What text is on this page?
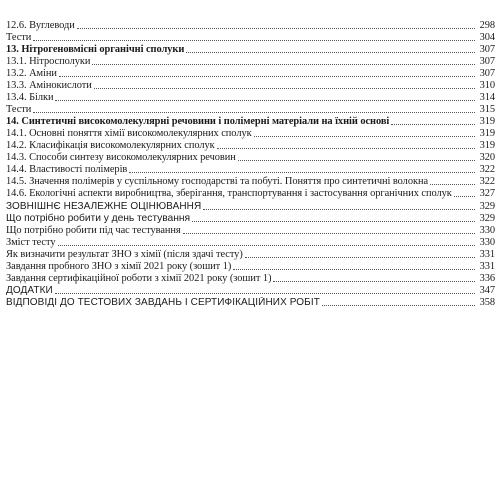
12.6. Вуглеводи	298
Тести	304
13. Нітрогеновмісні органічні сполуки	307
13.1. Нітросполуки	307
13.2. Аміни	307
13.3. Амінокислоти	310
13.4. Білки	314
Тести	315
14. Синтетичні високомолекулярні речовини і полімерні матеріали на їхній основі	319
14.1. Основні поняття хімії високомолекулярних сполук	319
14.2. Класифікація високомолекулярних сполук	319
14.3. Способи синтезу високомолекулярних речовин	320
14.4. Властивості полімерів	322
14.5. Значення полімерів у суспільному господарстві та побуті. Поняття про синтетичні волокна	322
14.6. Екологічні аспекти виробництва, зберігання, транспортування і застосування органічних сполук	327
ЗОВНІШНЄ НЕЗАЛЕЖНЕ ОЦІНЮВАННЯ	329
Що потрібно робити у день тестування	329
Що потрібно робити під час тестування	330
Зміст тесту	330
Як визначити результат ЗНО з хімії (після здачі тесту)	331
Завдання пробного ЗНО з хімії 2021 року (зошит 1)	331
Завдання сертифікаційної роботи з хімії 2021 року (зошит 1)	336
ДОДАТКИ	347
ВІДПОВІДІ ДО ТЕСТОВИХ ЗАВДАНЬ І СЕРТИФІКАЦІЙНИХ РОБІТ	358
